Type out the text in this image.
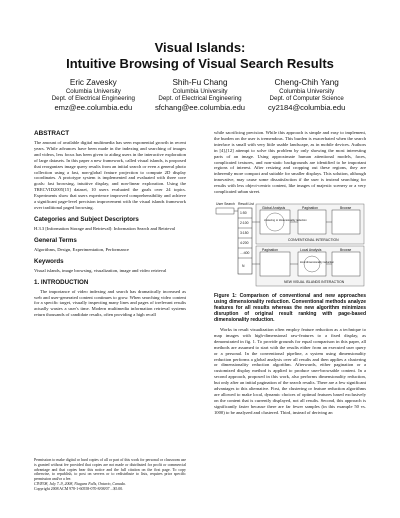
Visual Islands:
Intuitive Browsing of Visual Search Results
Eric Zavesky
Columbia University
Dept. of Electrical Engineering
emz@ee.columbia.edu
Shih-Fu Chang
Columbia University
Dept. of Electrical Engineering
sfchang@ee.columbia.edu
Cheng-Chih Yang
Columbia University
Dept. of Computer Science
cy2184@columbia.edu
ABSTRACT

The amount of available digital multimedia has seen exponential growth in recent years. While advances have been made in the indexing and searching of images and videos, less focus has been given to aiding users in the interactive exploration of large datasets. In this paper a new framework, called visual islands, is proposed that reorganizes image query results from an initial search or even a general photo collection using a fast, non-global feature projection to compute 2D display coordinates. A prototype system is implemented and evaluated with three core goals: fast browsing, intuitive display, and non-linear exploration. Using the TRECVID2005[15] dataset, 10 users evaluated the goals over 24 topics. Experiments show that users experience improved comprehensibility and achieve a significant page-level precision improvement with the visual islands framework over traditional paged browsing.

Categories and Subject Descriptors

H.3.3 [Information Storage and Retrieval]: Information Search and Retrieval

General Terms

Algorithms, Design, Experimentation, Performance

Keywords

Visual islands, image browsing, visualization, image and video retrieval

1. INTRODUCTION

The importance of video indexing and search has dramatically increased as web and user-generated content continues to grow. When searching video content for a specific target, visually inspecting many lines and pages of irrelevant results actually wastes a user's time. Modern multimedia information retrieval systems return thousands of candidate results, often providing a high recall

Permission to make digital or hard copies of all or part of this work for personal or classroom use is granted without fee provided that copies are not made or distributed for profit or commercial advantage and that copies bear this notice and the full citation on the first page. To copy otherwise, to republish, to post on servers or to redistribute to lists, requires prior specific permission and/or a fee.
CIVR'08, July 7–9, 2008, Niagara Falls, Ontario, Canada.
Copyright 2008 ACM 978-1-60558-070-8/08/07 ...$5.00.

while sacrificing precision. While this approach is simple and easy to implement, the burden on the user is tremendous. This burden is exacerbated when the search interface is small with very little usable landscape, as in mobile devices. Authors in [4],[12] attempt to solve this problem by only showing the most interesting parts of an image. Using approximate human attentional models, faces, complicated textures, and non-static backgrounds are identified to be important regions of interest. After resizing and cropping out these regions, they are inherently more compact and suitable for smaller displays. This solution, although innovative, may cause some dissatisfaction if the user is instead searching for results with less object-centric content, like images of majestic scenery or a very complicated urban street.

User Search Result List
1:50
2:100
3:150
4:200
...:400
N
Global Analysis
clustering or dimensionality reduction
Pagination	Browse
CONVENTIONAL INTERACTION
Pagination	Local Analysis
local dimensionality reduction
Browse
NEW VISUAL ISLANDS INTERACTION
Figure 1: Comparison of conventional and new approaches using dimensionality reduction. Conventional methods analyze features for all results whereas the new algorithm minimizes disruption of original result ranking with page-based dimensionality reduction.

Works in result visualization often employ feature reduction as a technique to map images with high-dimensional raw-features to a fixed display, as demonstrated in fig. 1. To provide grounds for equal comparison in this paper, all methods are assumed to start with the results either from an executed user query or a personal. In the conventional pipeline, a system using dimensionality reduction performs a global analysis over all results and then applies a clustering or dimensionality reduction algorithm. Afterwards, either pagination or a customized display method is applied to produce user-browsable content. In a second approach, proposed in this work, also performs dimensionality reduction, but only after an initial pagination of the search results. There are a few significant advantages to this alternative. First, the clustering or feature reduction algorithms are allowed to make local, dynamic choices of optimal features based exclusively on the content that is currently displayed, not all results. Second, this approach is significantly faster because there are far fewer samples (in this example 50 vs. 1000) to be analyzed and clustered. Third, instead of deriving an
